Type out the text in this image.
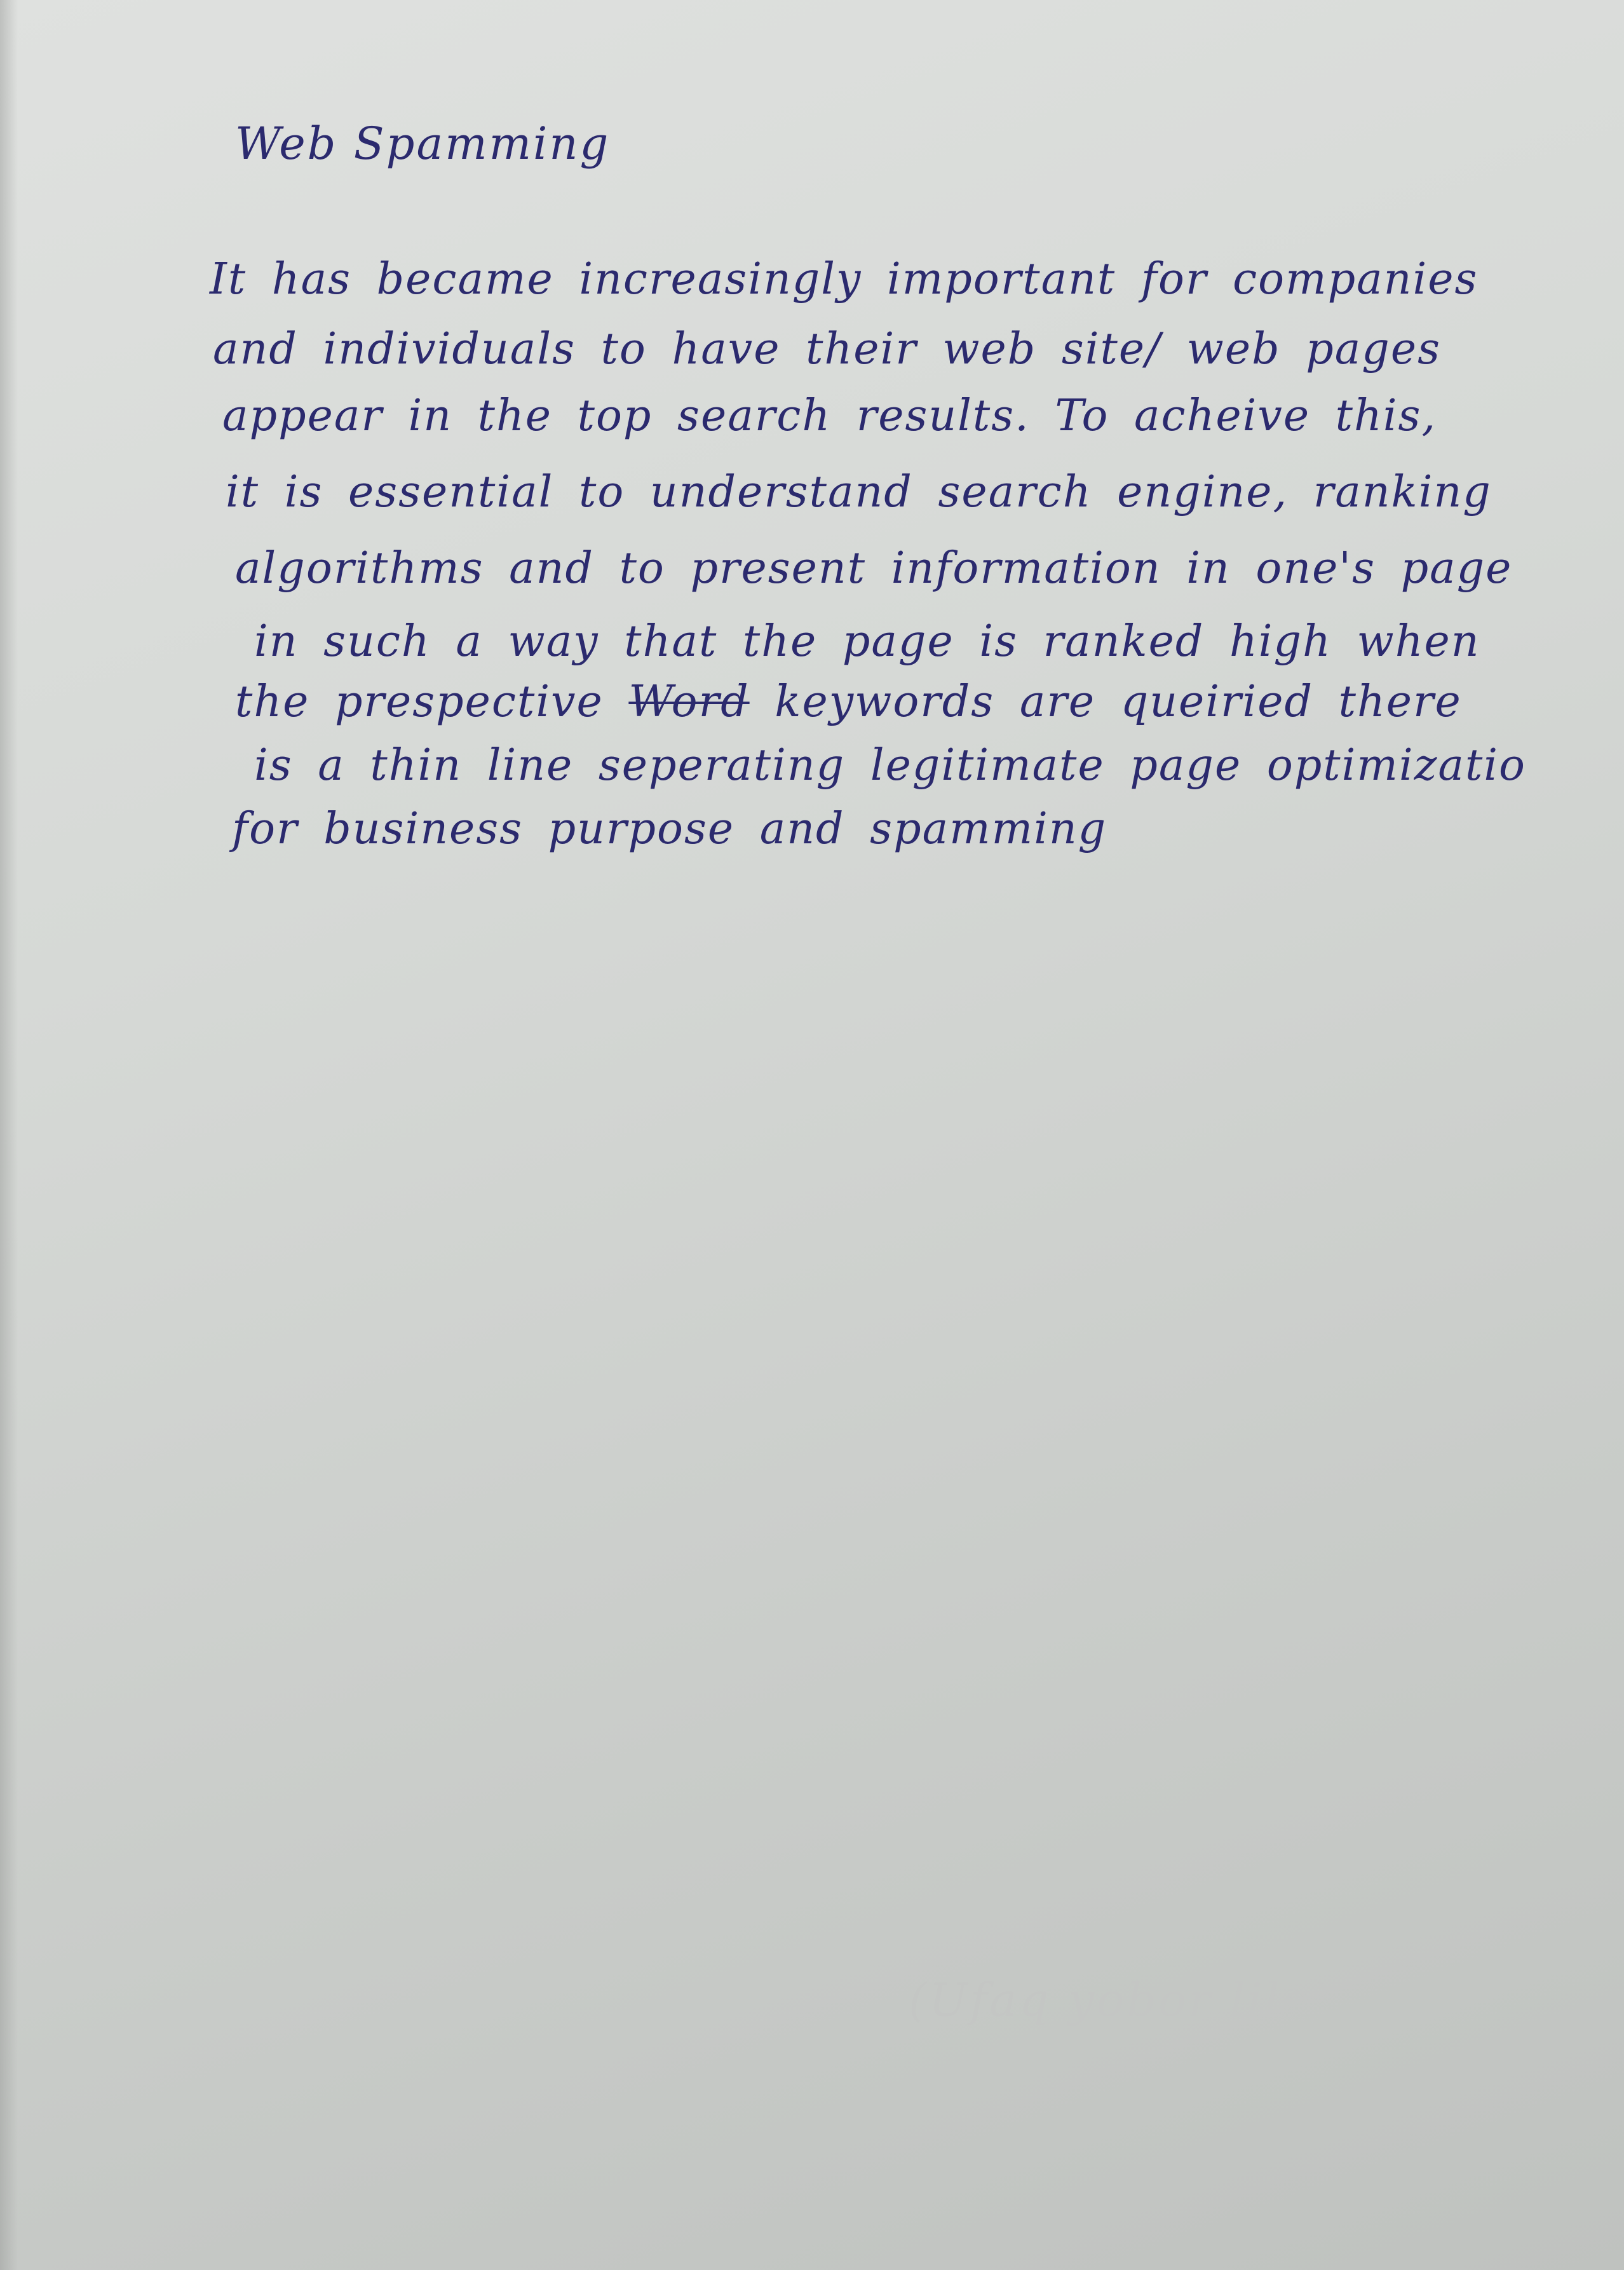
Web Spamming

It has became increasingly important for companies

and individuals to have their web site/ web pages

appear in the top search results. To acheive this,

it is essential to understand search engine, ranking

algorithms and to present information in one's page

in such a way that the page is ranked high when

the prespective Word keywords are queiried there

is a thin line seperating legitimate page optimizatio

for business purpose and spamming

(Ufaq yobor lilo)
